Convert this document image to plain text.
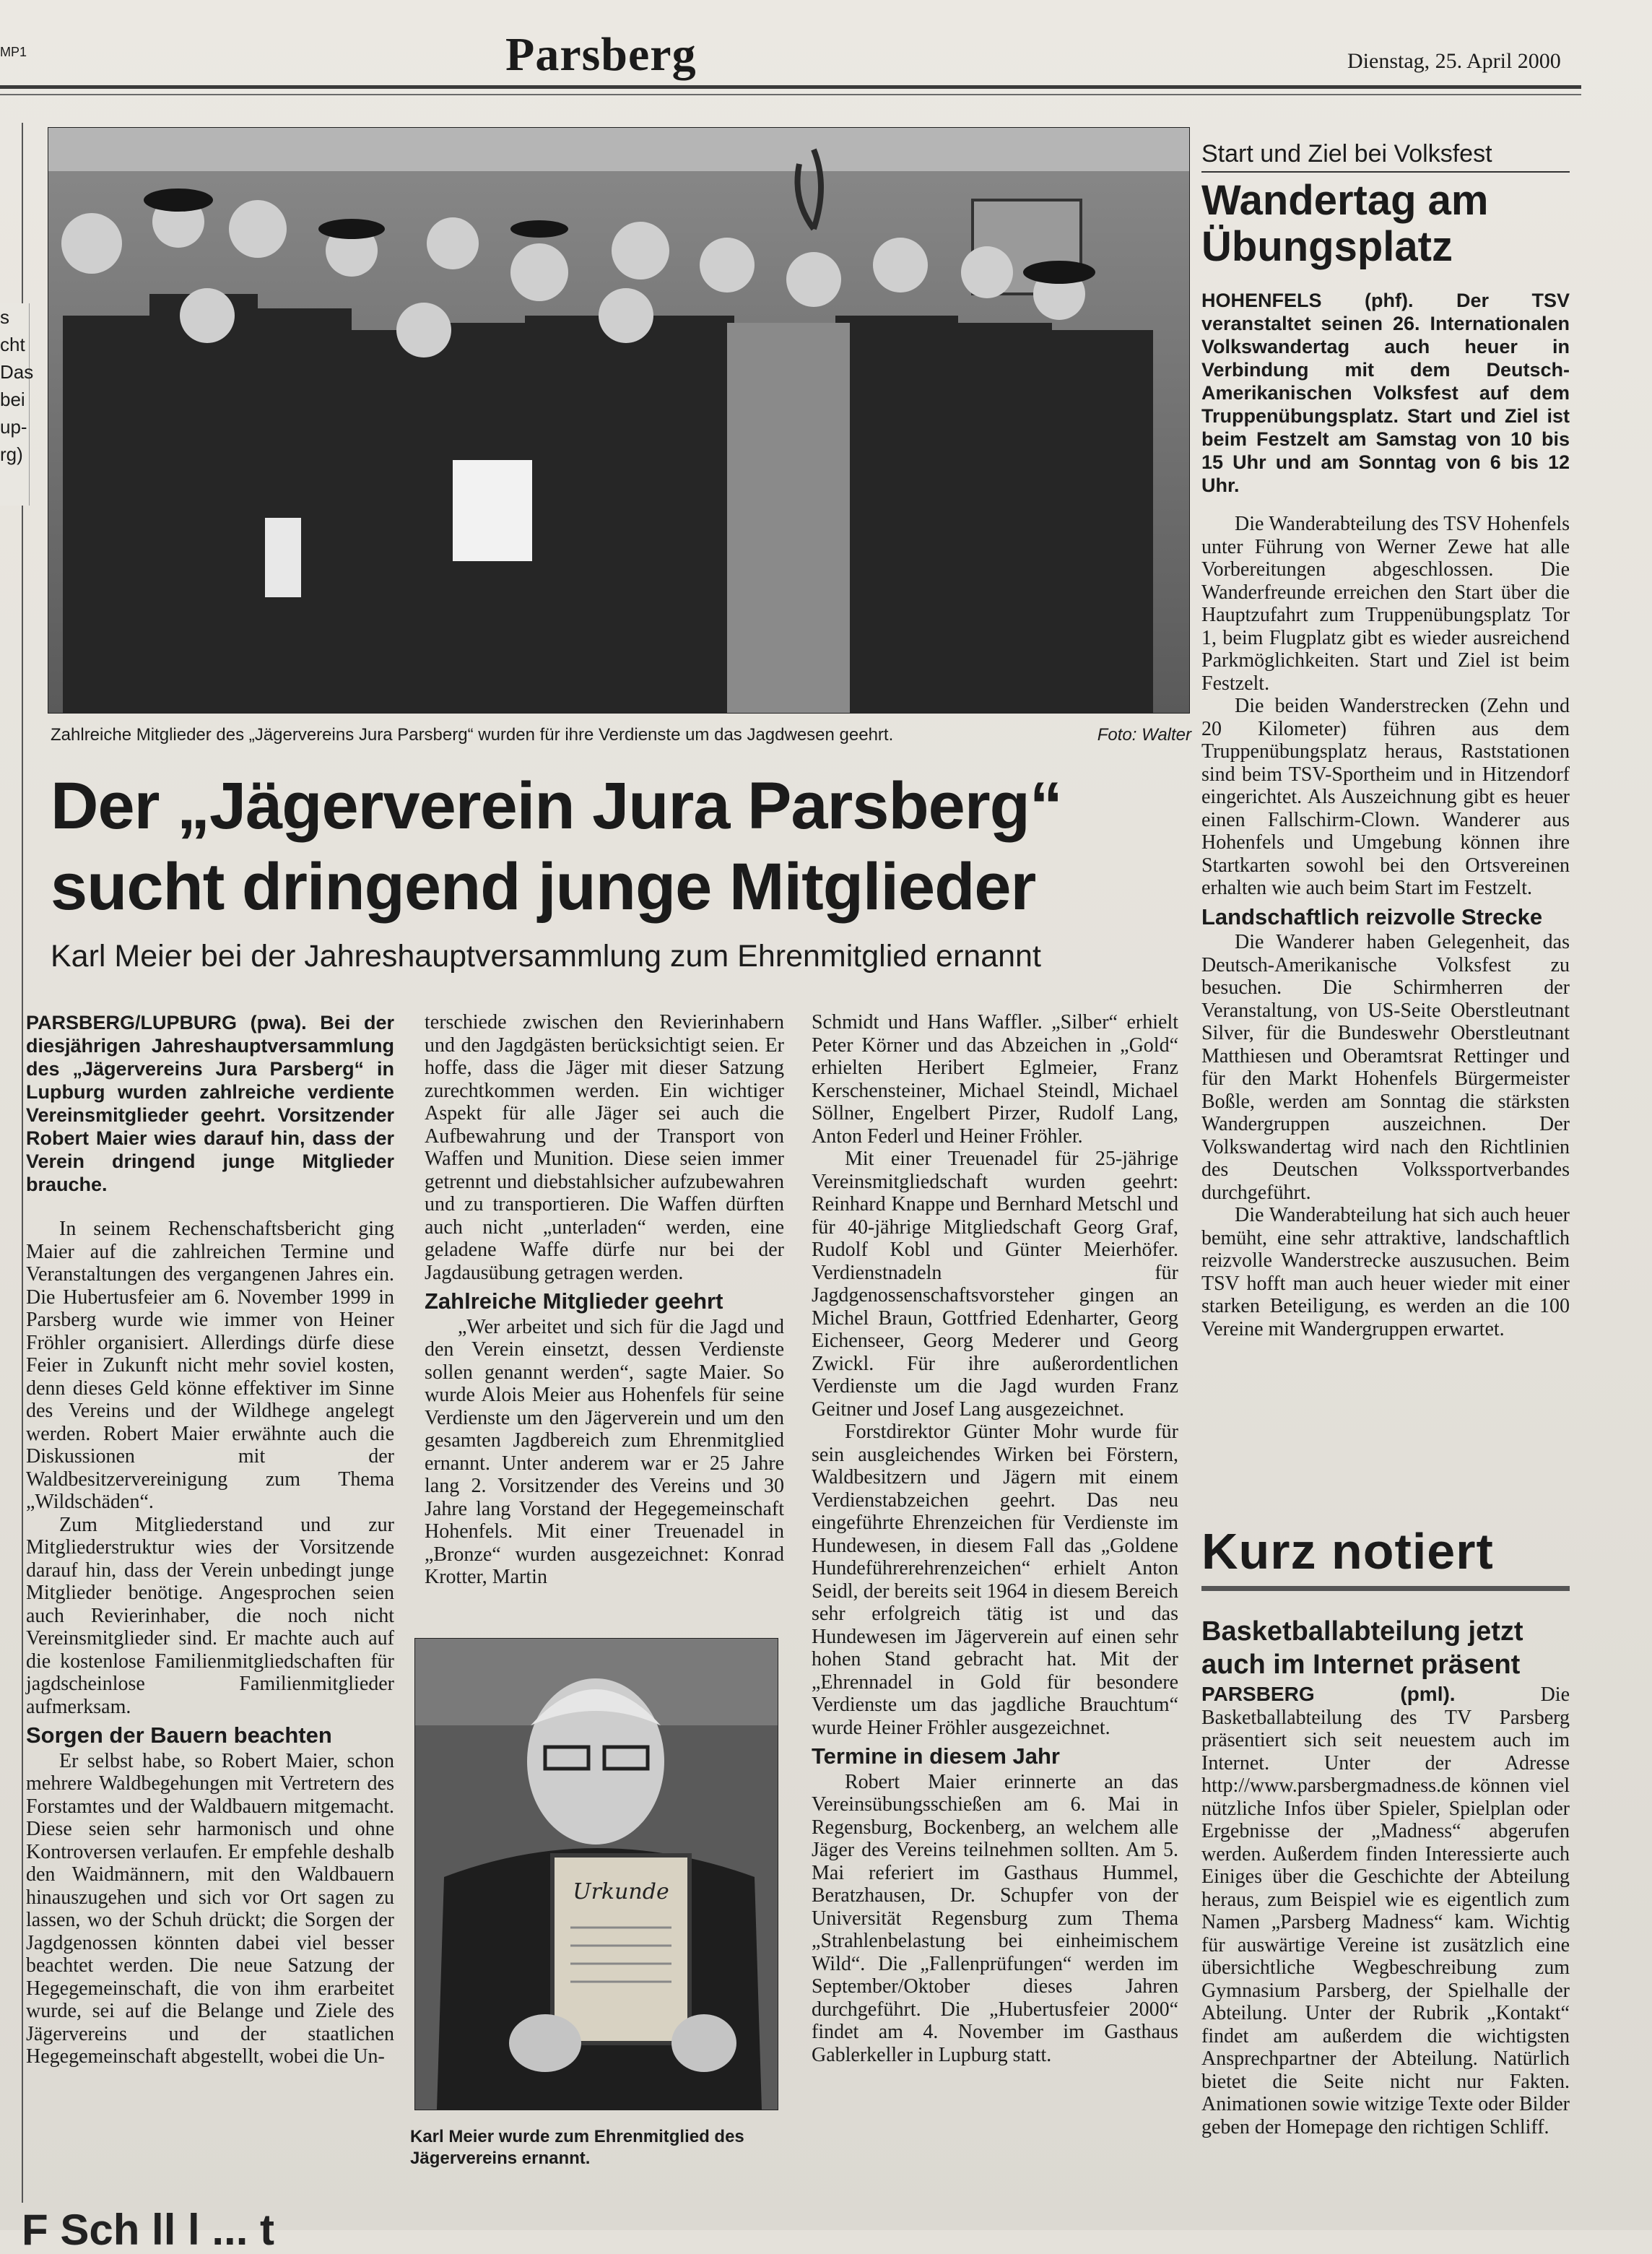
MP1	Parsberg	Dienstag, 25. April 2000
s
cht
Das
bei
up-
rg)
Zahlreiche Mitglieder des „Jägervereins Jura Parsberg“ wurden für ihre Verdienste um das Jagdwesen geehrt.	Foto: Walter
Der „Jägerverein Jura Parsberg“
sucht dringend junge Mitglieder
Karl Meier bei der Jahreshauptversammlung zum Ehrenmitglied ernannt

PARSBERG/LUPBURG (pwa). Bei der diesjährigen Jahreshauptversammlung des „Jägervereins Jura Parsberg“ in Lupburg wurden zahlreiche verdiente Vereinsmitglieder geehrt. Vorsitzender Robert Maier wies darauf hin, dass der Verein dringend junge Mitglieder brauche.

In seinem Rechenschaftsbericht ging Maier auf die zahlreichen Termine und Veranstaltungen des vergangenen Jahres ein. Die Hubertusfeier am 6. November 1999 in Parsberg wurde wie immer von Heiner Fröhler organisiert. Allerdings dürfe diese Feier in Zukunft nicht mehr soviel kosten, denn dieses Geld könne effektiver im Sinne des Vereins und der Wildhege angelegt werden. Robert Maier erwähnte auch die Diskussionen mit der Waldbesitzervereinigung zum Thema „Wildschäden“.

Zum Mitgliederstand und zur Mitgliederstruktur wies der Vorsitzende darauf hin, dass der Verein unbedingt junge Mitglieder benötige. Angesprochen seien auch Revierinhaber, die noch nicht Vereinsmitglieder sind. Er machte auch auf die kostenlose Familienmitgliedschaften für jagdscheinlose Familienmitglieder aufmerksam.

Sorgen der Bauern beachten

Er selbst habe, so Robert Maier, schon mehrere Waldbegehungen mit Vertretern des Forstamtes und der Waldbauern mitgemacht. Diese seien sehr harmonisch und ohne Kontroversen verlaufen. Er empfehle deshalb den Waidmännern, mit den Waldbauern hinauszugehen und sich vor Ort sagen zu lassen, wo der Schuh drückt; die Sorgen der Jagdgenossen könnten dabei viel besser beachtet werden. Die neue Satzung der Hegegemeinschaft, die von ihm erarbeitet wurde, sei auf die Belange und Ziele des Jägervereins und der staatlichen Hegegemeinschaft abgestellt, wobei die Un-

terschiede zwischen den Revierinhabern und den Jagdgästen berücksichtigt seien. Er hoffe, dass die Jäger mit dieser Satzung zurechtkommen werden. Ein wichtiger Aspekt für alle Jäger sei auch die Aufbewahrung und der Transport von Waffen und Munition. Diese seien immer getrennt und diebstahlsicher aufzubewahren und zu transportieren. Die Waffen dürften auch nicht „unterladen“ werden, eine geladene Waffe dürfe nur bei der Jagdausübung getragen werden.

Zahlreiche Mitglieder geehrt

„Wer arbeitet und sich für die Jagd und den Verein einsetzt, dessen Verdienste sollen genannt werden“, sagte Maier. So wurde Alois Meier aus Hohenfels für seine Verdienste um den Jägerverein und um den gesamten Jagdbereich zum Ehrenmitglied ernannt. Unter anderem war er 25 Jahre lang 2. Vorsitzender des Vereins und 30 Jahre lang Vorstand der Hegegemeinschaft Hohenfels. Mit einer Treuenadel in „Bronze“ wurden ausgezeichnet: Konrad Krotter, Martin

Urkunde
Karl Meier wurde zum Ehrenmitglied des Jägervereins ernannt.

Schmidt und Hans Waffler. „Silber“ erhielt Peter Körner und das Abzeichen in „Gold“ erhielten Heribert Eglmeier, Franz Kerschensteiner, Michael Steindl, Michael Söllner, Engelbert Pirzer, Rudolf Lang, Anton Federl und Heiner Fröhler.

Mit einer Treuenadel für 25-jährige Vereinsmitgliedschaft wurden geehrt: Reinhard Knappe und Bernhard Metschl und für 40-jährige Mitgliedschaft Georg Graf, Rudolf Kobl und Günter Meierhöfer. Verdienstnadeln für Jagdgenossenschaftsvorsteher gingen an Michel Braun, Gottfried Edenharter, Georg Eichenseer, Georg Mederer und Georg Zwickl. Für ihre außerordentlichen Verdienste um die Jagd wurden Franz Geitner und Josef Lang ausgezeichnet.

Forstdirektor Günter Mohr wurde für sein ausgleichendes Wirken bei Förstern, Waldbesitzern und Jägern mit einem Verdienstabzeichen geehrt. Das neu eingeführte Ehrenzeichen für Verdienste im Hundewesen, in diesem Fall das „Goldene Hundeführerehrenzeichen“ erhielt Anton Seidl, der bereits seit 1964 in diesem Bereich sehr erfolgreich tätig ist und das Hundewesen im Jägerverein auf einen sehr hohen Stand gebracht hat. Mit der „Ehrennadel in Gold für besondere Verdienste um das jagdliche Brauchtum“ wurde Heiner Fröhler ausgezeichnet.

Termine in diesem Jahr

Robert Maier erinnerte an das Vereinsübungsschießen am 6. Mai in Regensburg, Bockenberg, an welchem alle Jäger des Vereins teilnehmen sollten. Am 5. Mai referiert im Gasthaus Hummel, Beratzhausen, Dr. Schupfer von der Universität Regensburg zum Thema „Strahlenbelastung bei einheimischem Wild“. Die „Fallenprüfungen“ werden im September/Oktober dieses Jahren durchgeführt. Die „Hubertusfeier 2000“ findet am 4. November im Gasthaus Gablerkeller in Lupburg statt.

Start und Ziel bei Volksfest
Wandertag am Übungsplatz

HOHENFELS (phf). Der TSV veranstaltet seinen 26. Internationalen Volkswandertag auch heuer in Verbindung mit dem Deutsch-Amerikanischen Volksfest auf dem Truppenübungsplatz. Start und Ziel ist beim Festzelt am Samstag von 10 bis 15 Uhr und am Sonntag von 6 bis 12 Uhr.

Die Wanderabteilung des TSV Hohenfels unter Führung von Werner Zewe hat alle Vorbereitungen abgeschlossen. Die Wanderfreunde erreichen den Start über die Hauptzufahrt zum Truppenübungsplatz Tor 1, beim Flugplatz gibt es wieder ausreichend Parkmöglichkeiten. Start und Ziel ist beim Festzelt.

Die beiden Wanderstrecken (Zehn und 20 Kilometer) führen aus dem Truppenübungsplatz heraus, Raststationen sind beim TSV-Sportheim und in Hitzendorf eingerichtet. Als Auszeichnung gibt es heuer einen Fallschirm-Clown. Wanderer aus Hohenfels und Umgebung können ihre Startkarten sowohl bei den Ortsvereinen erhalten wie auch beim Start im Festzelt.

Landschaftlich reizvolle Strecke

Die Wanderer haben Gelegenheit, das Deutsch-Amerikanische Volksfest zu besuchen. Die Schirmherren der Veranstaltung, von US-Seite Oberstleutnant Silver, für die Bundeswehr Oberstleutnant Matthiesen und Oberamtsrat Rettinger und für den Markt Hohenfels Bürgermeister Boßle, werden am Sonntag die stärksten Wandergruppen auszeichnen. Der Volkswandertag wird nach den Richtlinien des Deutschen Volkssportverbandes durchgeführt.

Die Wanderabteilung hat sich auch heuer bemüht, eine sehr attraktive, landschaftlich reizvolle Wanderstrecke auszusuchen. Beim TSV hofft man auch heuer wieder mit einer starken Beteiligung, es werden an die 100 Vereine mit Wandergruppen erwartet.

Kurz notiert
Basketballabteilung jetzt auch im Internet präsent

PARSBERG (pml).	Die Basketballabteilung des TV Parsberg präsentiert sich seit neuestem auch im Internet. Unter der Adresse http://www.parsbergmadness.de können viel nützliche Infos über Spieler, Spielplan oder Ergebnisse der „Madness“ abgerufen werden. Außerdem finden Interessierte auch Einiges über die Geschichte der Abteilung heraus, zum Beispiel wie es eigentlich zum Namen „Parsberg Madness“ kam. Wichtig für auswärtige Vereine ist zusätzlich eine übersichtliche Wegbeschreibung zum Gymnasium Parsberg, der Spielhalle der Abteilung. Unter der Rubrik „Kontakt“ findet am außerdem die wichtigsten Ansprechpartner der Abteilung. Natürlich bietet die Seite nicht nur Fakten. Animationen sowie witzige Texte oder Bilder geben der Homepage den richtigen Schliff.

F Sch ll l ... t
